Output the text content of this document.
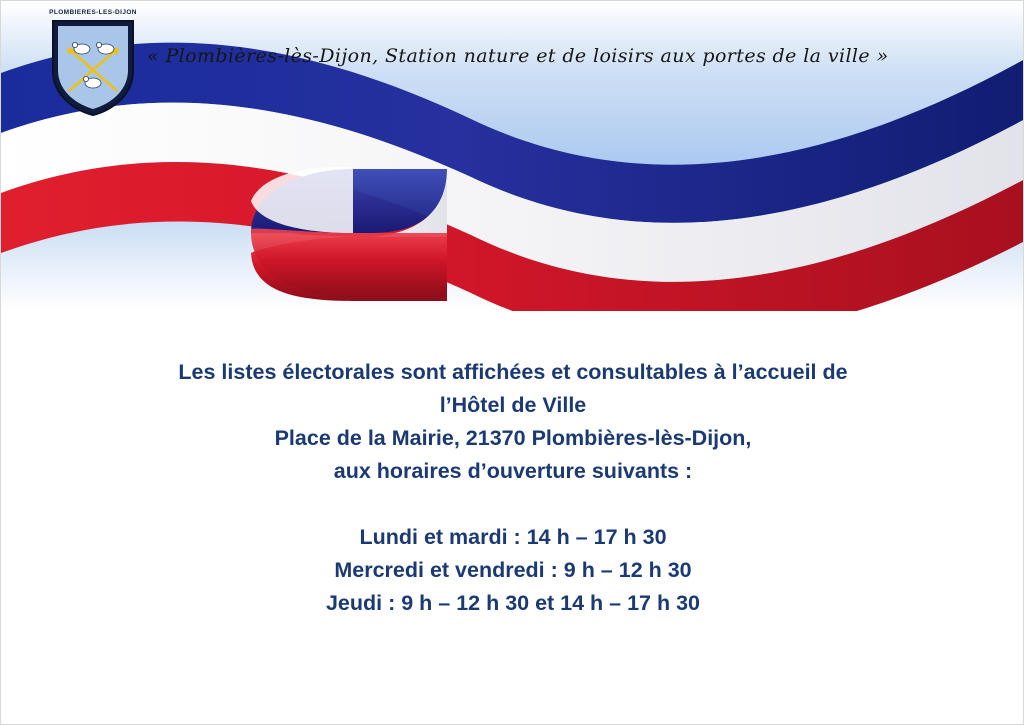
PLOMBIERES-LES-DIJON
« Plombières-lès-Dijon, Station nature et de loisirs aux portes de la ville »
Les listes électorales sont affichées et consultables à l’accueil de
l’Hôtel de Ville
Place de la Mairie, 21370 Plombières-lès-Dijon,
aux horaires d’ouverture suivants :
Lundi et mardi : 14 h – 17 h 30
Mercredi et vendredi : 9 h – 12 h 30
Jeudi : 9 h – 12 h 30 et 14 h – 17 h 30
